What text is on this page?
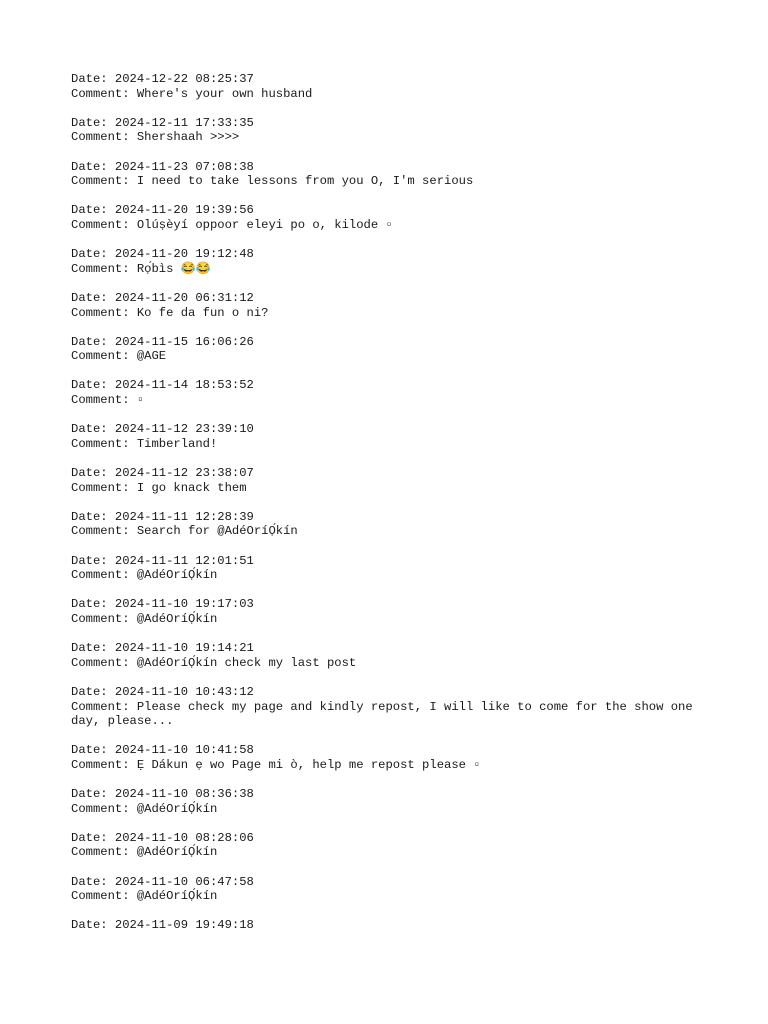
Date: 2024-12-22 08:25:37
Comment: Where's your own husband
Date: 2024-12-11 17:33:35
Comment: Shershaah >>>>
Date: 2024-11-23 07:08:38
Comment: I need to take lessons from you O, I'm serious
Date: 2024-11-20 19:39:56
Comment: Olúṣèyí oppoor eleyi po o, kilode ▫
Date: 2024-11-20 19:12:48
Comment: Rọ́bìs 😂😂
Date: 2024-11-20 06:31:12
Comment: Ko fe da fun o ni?
Date: 2024-11-15 16:06:26
Comment: @AGE
Date: 2024-11-14 18:53:52
Comment: ▫
Date: 2024-11-12 23:39:10
Comment: Timberland!
Date: 2024-11-12 23:38:07
Comment: I go knack them
Date: 2024-11-11 12:28:39
Comment: Search for @AdéOríỌ́kín
Date: 2024-11-11 12:01:51
Comment: @AdéOríỌ́kín
Date: 2024-11-10 19:17:03
Comment: @AdéOríỌ́kín
Date: 2024-11-10 19:14:21
Comment: @AdéOríỌ́kín check my last post
Date: 2024-11-10 10:43:12
Comment: Please check my page and kindly repost, I will like to come for the show one day, please...
Date: 2024-11-10 10:41:58
Comment: Ẹ Dákun ẹ wo Page mi ò, help me repost please ▫
Date: 2024-11-10 08:36:38
Comment: @AdéOríỌ́kín
Date: 2024-11-10 08:28:06
Comment: @AdéOríỌ́kín
Date: 2024-11-10 06:47:58
Comment: @AdéOríỌ́kín
Date: 2024-11-09 19:49:18
